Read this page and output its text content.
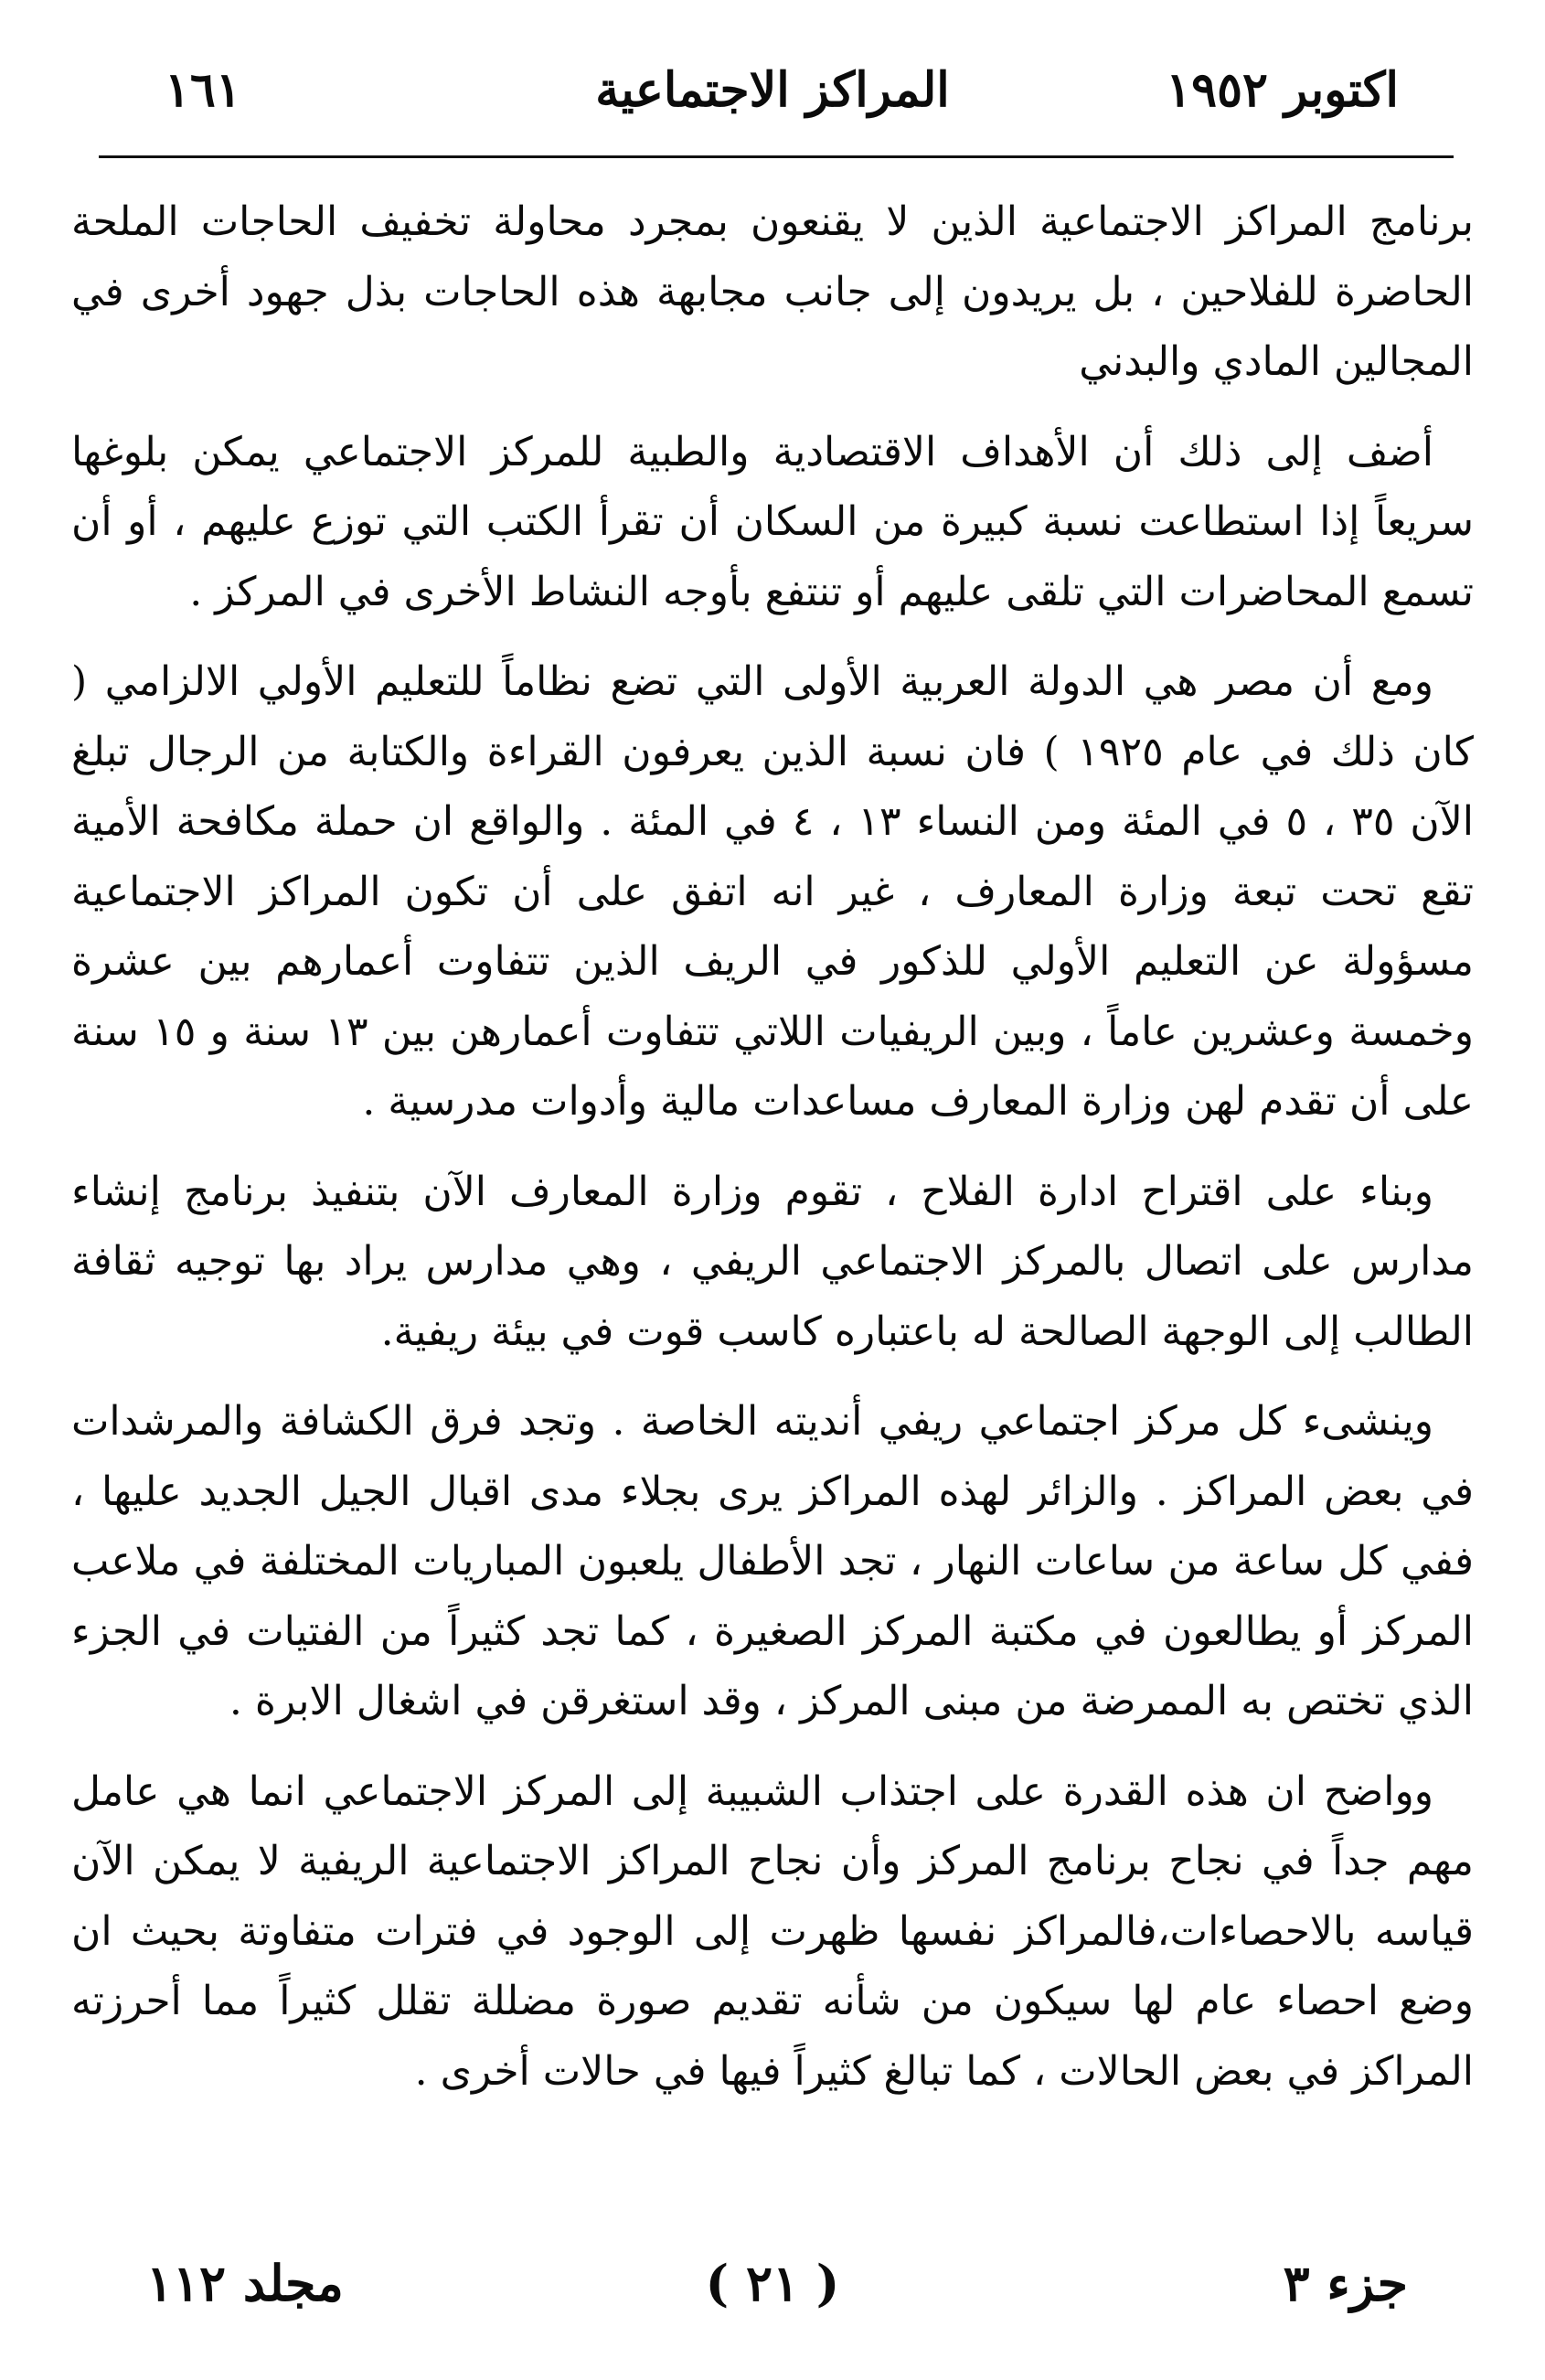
اكتوبر ١٩٥٢
المراكز الاجتماعية
١٦١

برنامج المراكز الاجتماعية الذين لا يقنعون بمجرد محاولة تخفيف الحاجات الملحة الحاضرة للفلاحين ، بل يريدون إلى جانب مجابهة هذه الحاجات بذل جهود أخرى في المجالين المادي والبدني

أضف إلى ذلك أن الأهداف الاقتصادية والطبية للمركز الاجتماعي يمكن بلوغها سريعاً إذا استطاعت نسبة كبيرة من السكان أن تقرأ الكتب التي توزع عليهم ، أو أن تسمع المحاضرات التي تلقى عليهم أو تنتفع بأوجه النشاط الأخرى في المركز .

ومع أن مصر هي الدولة العربية الأولى التي تضع نظاماً للتعليم الأولي الالزامي ( كان ذلك في عام ١٩٢٥ ) فان نسبة الذين يعرفون القراءة والكتابة من الرجال تبلغ الآن ٣٥ ، ٥ في المئة ومن النساء ١٣ ، ٤ في المئة . والواقع ان حملة مكافحة الأمية تقع تحت تبعة وزارة المعارف ، غير انه اتفق على أن تكون المراكز الاجتماعية مسؤولة عن التعليم الأولي للذكور في الريف الذين تتفاوت أعمارهم بين عشرة وخمسة وعشرين عاماً ، وبين الريفيات اللاتي تتفاوت أعمارهن بين ١٣ سنة و ١٥ سنة على أن تقدم لهن وزارة المعارف مساعدات مالية وأدوات مدرسية .

وبناء على اقتراح ادارة الفلاح ، تقوم وزارة المعارف الآن بتنفيذ برنامج إنشاء مدارس على اتصال بالمركز الاجتماعي الريفي ، وهي مدارس يراد بها توجيه ثقافة الطالب إلى الوجهة الصالحة له باعتباره كاسب قوت في بيئة ريفية.

وينشىء كل مركز اجتماعي ريفي أنديته الخاصة . وتجد فرق الكشافة والمرشدات في بعض المراكز . والزائر لهذه المراكز يرى بجلاء مدى اقبال الجيل الجديد عليها ، ففي كل ساعة من ساعات النهار ، تجد الأطفال يلعبون المباريات المختلفة في ملاعب المركز أو يطالعون في مكتبة المركز الصغيرة ، كما تجد كثيراً من الفتيات في الجزء الذي تختص به الممرضة من مبنى المركز ، وقد استغرقن في اشغال الابرة .

وواضح ان هذه القدرة على اجتذاب الشبيبة إلى المركز الاجتماعي انما هي عامل مهم جداً في نجاح برنامج المركز وأن نجاح المراكز الاجتماعية الريفية لا يمكن الآن قياسه بالاحصاءات،فالمراكز نفسها ظهرت إلى الوجود في فترات متفاوتة بحيث ان وضع احصاء عام لها سيكون من شأنه تقديم صورة مضللة تقلل كثيراً مما أحرزته المراكز في بعض الحالات ، كما تبالغ كثيراً فيها في حالات أخرى .

جزء ٣
( ٢١ )
مجلد ١١٢
